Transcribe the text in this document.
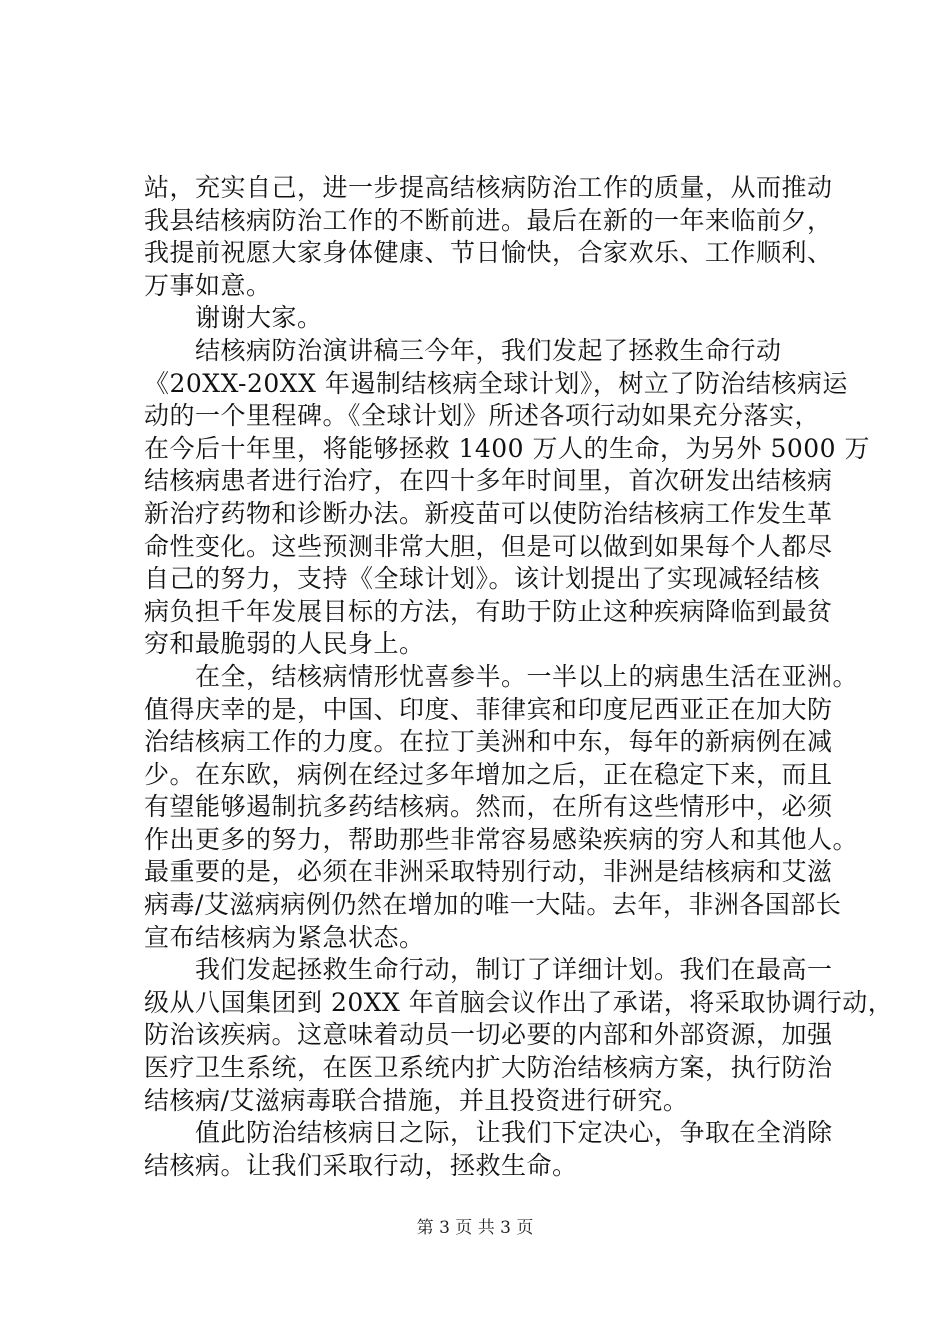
站，充实自己，进一步提高结核病防治工作的质量，从而推动
我县结核病防治工作的不断前进。最后在新的一年来临前夕，
我提前祝愿大家身体健康、节日愉快，合家欢乐、工作顺利、
万事如意。
　　谢谢大家。
　　结核病防治演讲稿三今年，我们发起了拯救生命行动
《20XX-20XX 年遏制结核病全球计划》，树立了防治结核病运
动的一个里程碑。《全球计划》所述各项行动如果充分落实，
在今后十年里，将能够拯救 1400 万人的生命，为另外 5000 万
结核病患者进行治疗，在四十多年时间里，首次研发出结核病
新治疗药物和诊断办法。新疫苗可以使防治结核病工作发生革
命性变化。这些预测非常大胆，但是可以做到如果每个人都尽
自己的努力，支持《全球计划》。该计划提出了实现减轻结核
病负担千年发展目标的方法，有助于防止这种疾病降临到最贫
穷和最脆弱的人民身上。
　　在全，结核病情形忧喜参半。一半以上的病患生活在亚洲。
值得庆幸的是，中国、印度、菲律宾和印度尼西亚正在加大防
治结核病工作的力度。在拉丁美洲和中东，每年的新病例在减
少。在东欧，病例在经过多年增加之后，正在稳定下来，而且
有望能够遏制抗多药结核病。然而，在所有这些情形中，必须
作出更多的努力，帮助那些非常容易感染疾病的穷人和其他人。
最重要的是，必须在非洲采取特别行动，非洲是结核病和艾滋
病毒/艾滋病病例仍然在增加的唯一大陆。去年，非洲各国部长
宣布结核病为紧急状态。
　　我们发起拯救生命行动，制订了详细计划。我们在最高一
级从八国集团到 20XX 年首脑会议作出了承诺，将采取协调行动，
防治该疾病。这意味着动员一切必要的内部和外部资源，加强
医疗卫生系统，在医卫系统内扩大防治结核病方案，执行防治
结核病/艾滋病毒联合措施，并且投资进行研究。
　　值此防治结核病日之际，让我们下定决心，争取在全消除
结核病。让我们采取行动，拯救生命。
第 3 页 共 3 页
